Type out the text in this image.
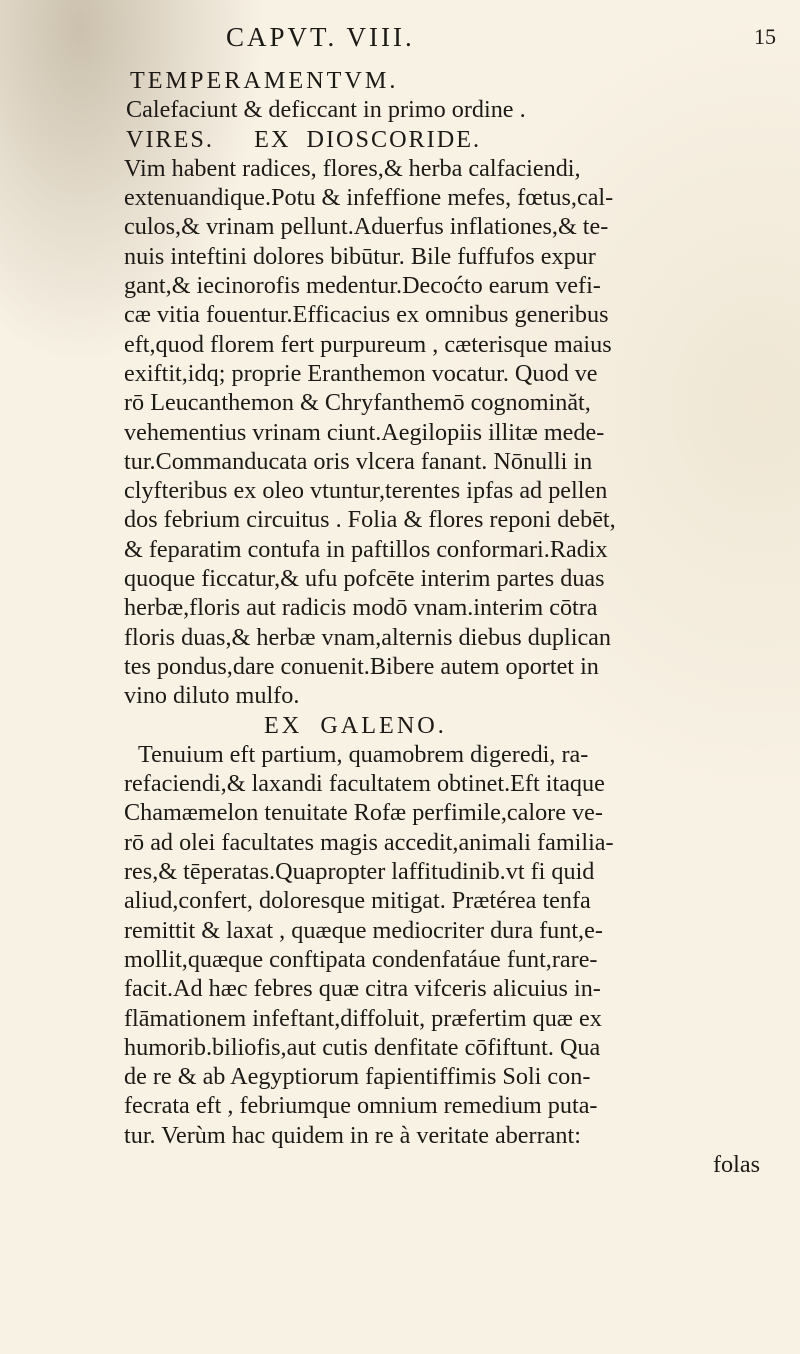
CAPVT. VIII.	15
TEMPERAMENTVM.
Calefaciunt & deficcant in primo ordine .
VIRES.     EX  DIOSCORIDE.
Vim habent radices, flores,& herba calfaciendi,
extenuandique.Potu & infeffione mefes, fœtus,cal-
culos,& vrinam pellunt.Aduerfus inflationes,& te-
nuis inteftini dolores bibūtur. Bile fuffufos expur
gant,& iecinorofis medentur.Decoćto earum vefi-
cæ vitia fouentur.Efficacius ex omnibus generibus
eft,quod florem fert purpureum , cæterisque maius
exiftit,idq; proprie Eranthemon vocatur. Quod ve
rō Leucanthemon & Chryfanthemō cognominăt,
vehementius vrinam ciunt.Aegilopiis illitæ mede-
tur.Commanducata oris vlcera fanant. Nōnulli in
clyfteribus ex oleo vtuntur,terentes ipfas ad pellen
dos febrium circuitus . Folia & flores reponi debēt,
& feparatim contufa in paftillos conformari.Radix
quoque ficcatur,& ufu pofcēte interim partes duas
herbæ,floris aut radicis modō vnam.interim cōtra
floris duas,& herbæ vnam,alternis diebus duplican
tes pondus,dare conuenit.Bibere autem oportet in
vino diluto mulfo.
EX  GALENO.
Tenuium eft partium, quamobrem digeredi, ra-
refaciendi,& laxandi facultatem obtinet.Eft itaque
Chamæmelon tenuitate Rofæ perfimile,calore ve-
rō ad olei facultates magis accedit,animali familia-
res,& tēperatas.Quapropter laffitudinib.vt fi quid
aliud,confert, doloresque mitigat. Prætérea tenfa
remittit & laxat , quæque mediocriter dura funt,e-
mollit,quæque conftipata condenfatáue funt,rare-
facit.Ad hæc febres quæ citra vifceris alicuius in-
flāmationem infeftant,diffoluit, præfertim quæ ex
humorib.biliofis,aut cutis denfitate cōfiftunt. Qua
de re & ab Aegyptiorum fapientiffimis Soli con-
fecrata eft , febriumque omnium remedium puta-
tur. Verùm hac quidem in re à veritate aberrant:
folas
